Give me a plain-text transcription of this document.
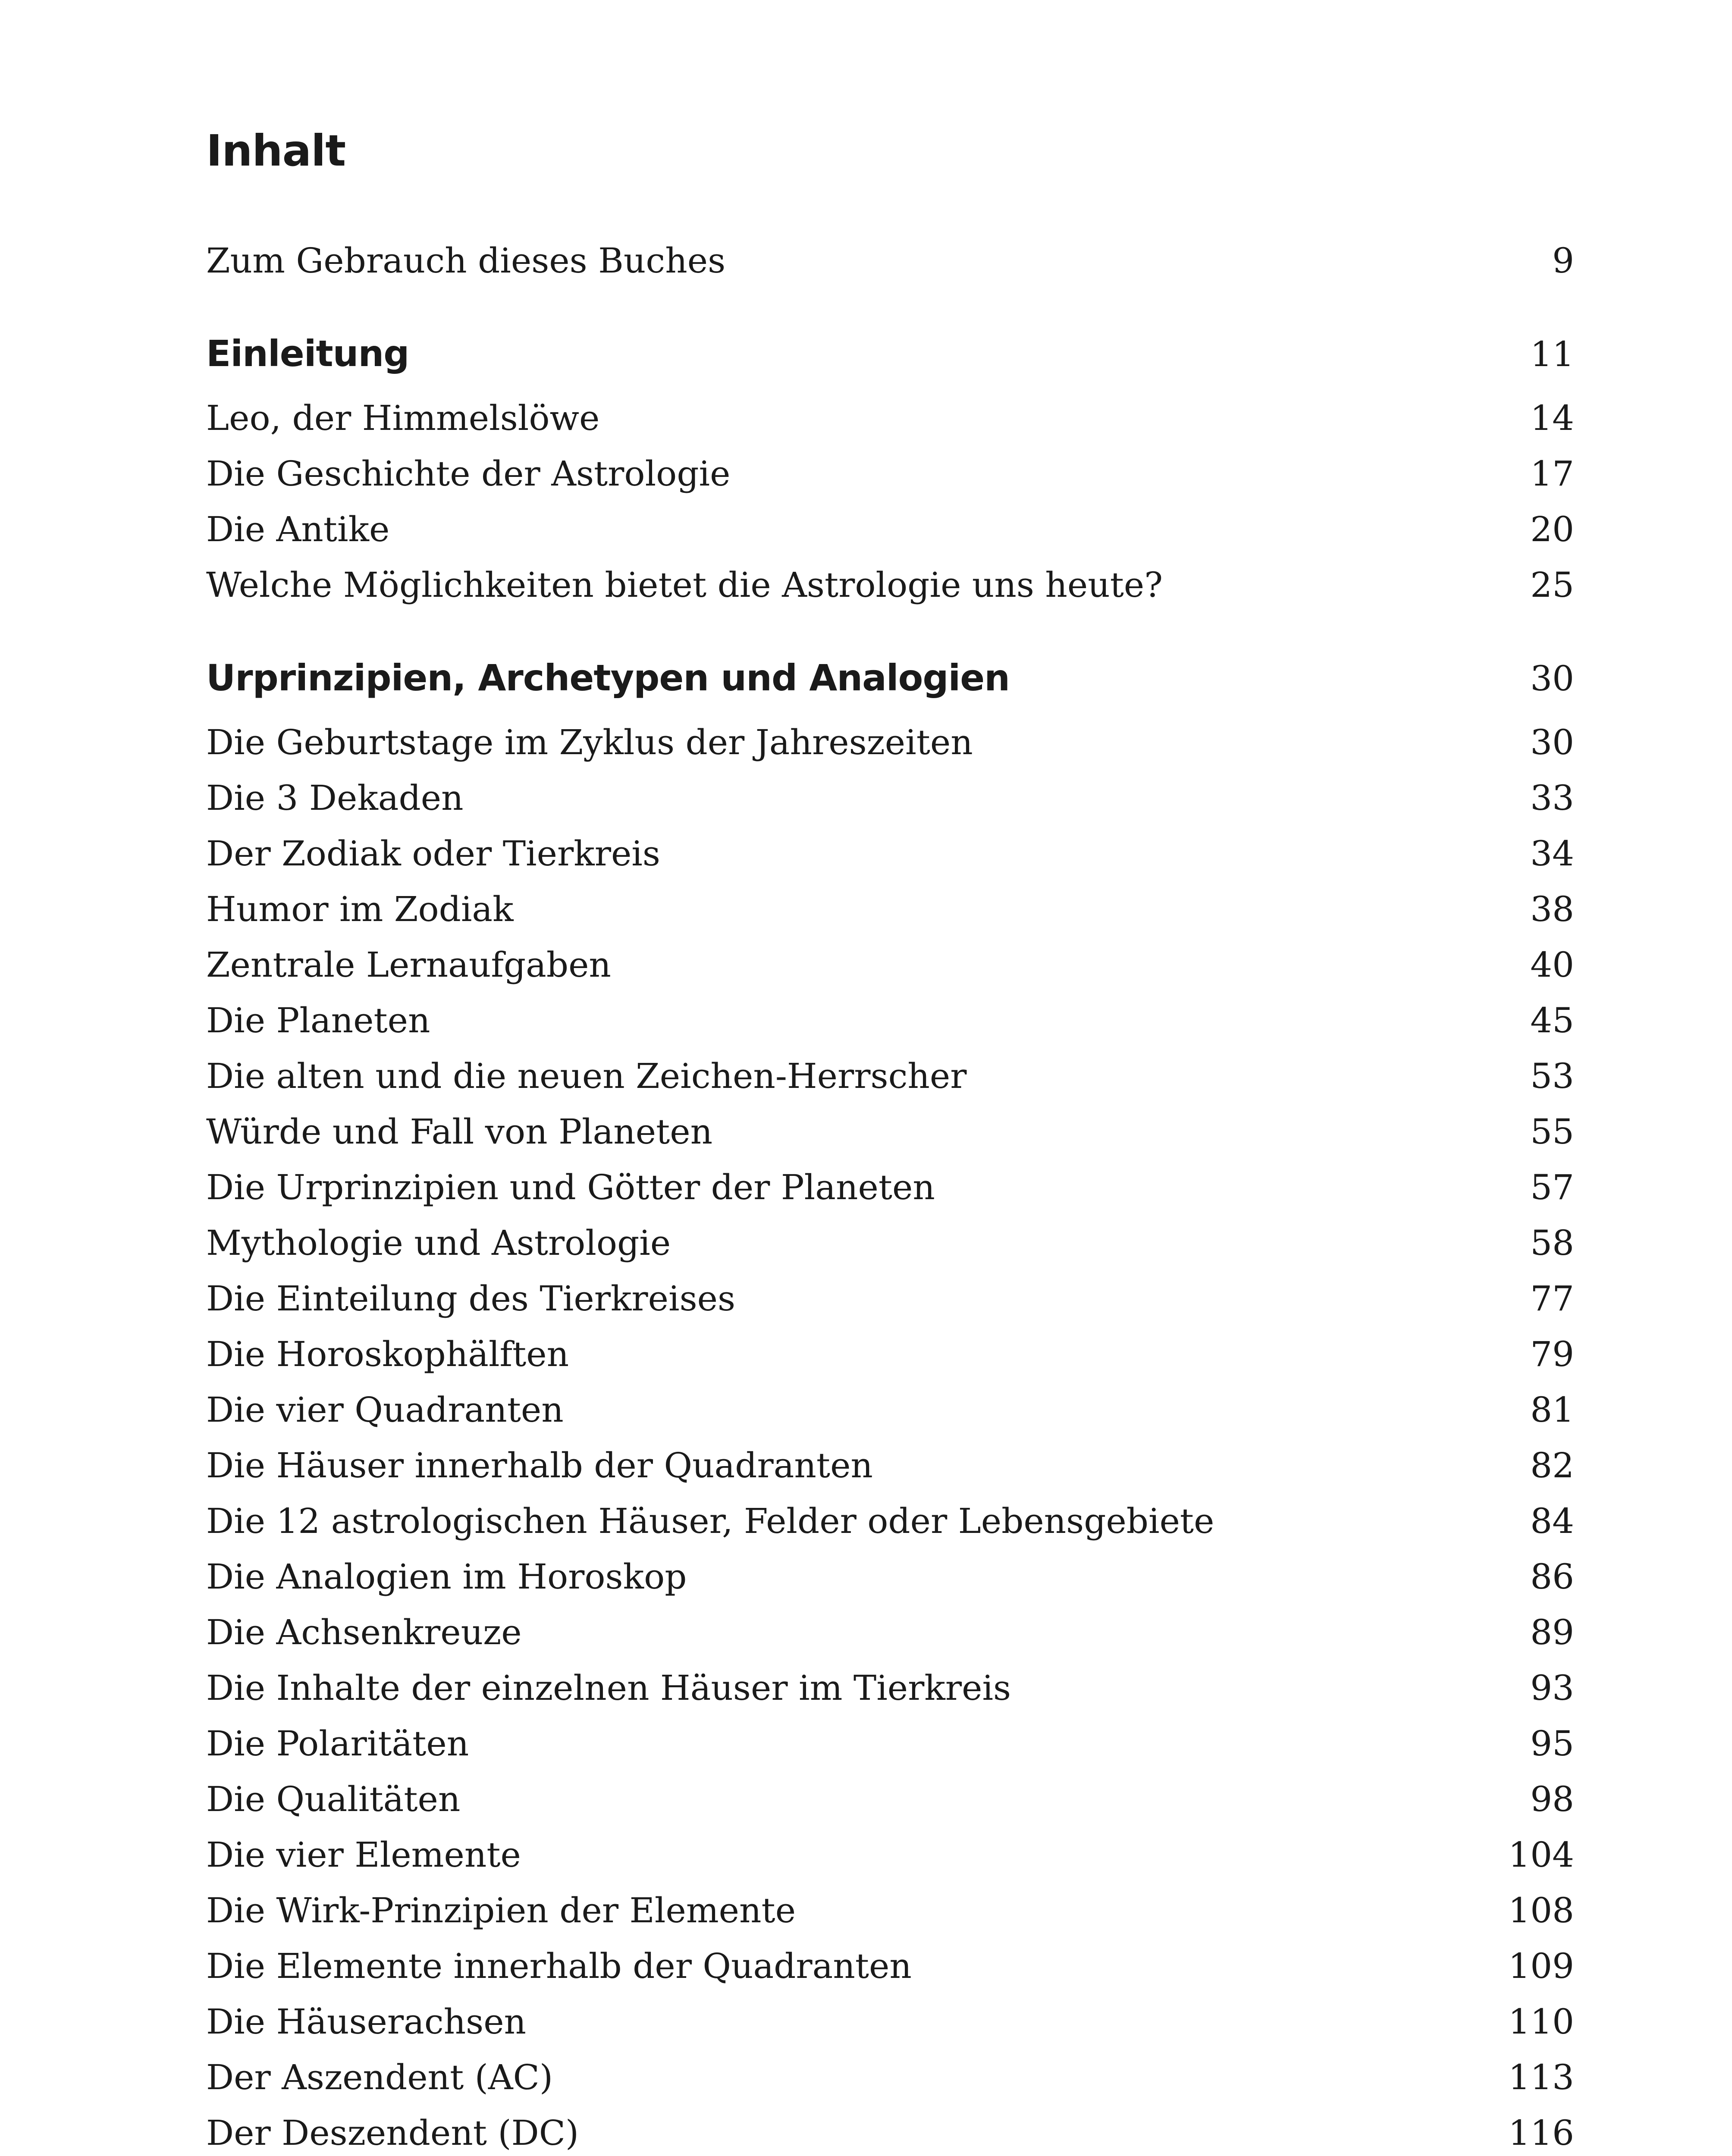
Inhalt
Zum Gebrauch dieses Buches	9
Einleitung	11
Leo, der Himmelslöwe	14
Die Geschichte der Astrologie	17
Die Antike	20
Welche Möglichkeiten bietet die Astrologie uns heute?	25
Urprinzipien, Archetypen und Analogien	30
Die Geburtstage im Zyklus der Jahreszeiten	30
Die 3 Dekaden	33
Der Zodiak oder Tierkreis	34
Humor im Zodiak	38
Zentrale Lernaufgaben	40
Die Planeten	45
Die alten und die neuen Zeichen-Herrscher	53
Würde und Fall von Planeten	55
Die Urprinzipien und Götter der Planeten	57
Mythologie und Astrologie	58
Die Einteilung des Tierkreises	77
Die Horoskophälften	79
Die vier Quadranten	81
Die Häuser innerhalb der Quadranten	82
Die 12 astrologischen Häuser, Felder oder Lebensgebiete	84
Die Analogien im Horoskop	86
Die Achsenkreuze	89
Die Inhalte der einzelnen Häuser im Tierkreis	93
Die Polaritäten	95
Die Qualitäten	98
Die vier Elemente	104
Die Wirk-Prinzipien der Elemente	108
Die Elemente innerhalb der Quadranten	109
Die Häuserachsen	110
Der Aszendent (AC)	113
Der Deszendent (DC)	116
